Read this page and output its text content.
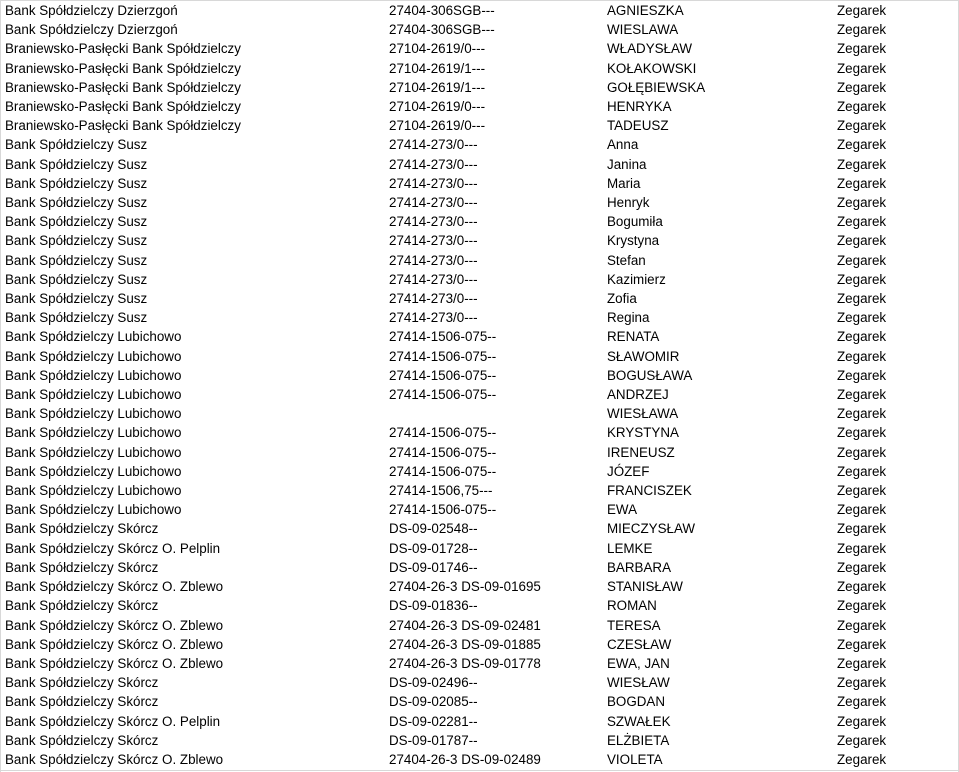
Bank Spółdzielczy Dzierzgoń	27404-306SGB---	AGNIESZKA	Zegarek
Bank Spółdzielczy Dzierzgoń	27404-306SGB---	WIESLAWA	Zegarek
Braniewsko-Pasłęcki Bank Spółdzielczy	27104-2619/0---	WŁADYSŁAW	Zegarek
Braniewsko-Pasłęcki Bank Spółdzielczy	27104-2619/1---	KOŁAKOWSKI	Zegarek
Braniewsko-Pasłęcki Bank Spółdzielczy	27104-2619/1---	GOŁĘBIEWSKA	Zegarek
Braniewsko-Pasłęcki Bank Spółdzielczy	27104-2619/0---	HENRYKA	Zegarek
Braniewsko-Pasłęcki Bank Spółdzielczy	27104-2619/0---	TADEUSZ	Zegarek
Bank Spółdzielczy Susz	27414-273/0---	Anna	Zegarek
Bank Spółdzielczy Susz	27414-273/0---	Janina	Zegarek
Bank Spółdzielczy Susz	27414-273/0---	Maria	Zegarek
Bank Spółdzielczy Susz	27414-273/0---	Henryk	Zegarek
Bank Spółdzielczy Susz	27414-273/0---	Bogumiła	Zegarek
Bank Spółdzielczy Susz	27414-273/0---	Krystyna	Zegarek
Bank Spółdzielczy Susz	27414-273/0---	Stefan	Zegarek
Bank Spółdzielczy Susz	27414-273/0---	Kazimierz	Zegarek
Bank Spółdzielczy Susz	27414-273/0---	Zofia	Zegarek
Bank Spółdzielczy Susz	27414-273/0---	Regina	Zegarek
Bank Spółdzielczy Lubichowo	27414-1506-075--	RENATA	Zegarek
Bank Spółdzielczy Lubichowo	27414-1506-075--	SŁAWOMIR	Zegarek
Bank Spółdzielczy Lubichowo	27414-1506-075--	BOGUSŁAWA	Zegarek
Bank Spółdzielczy Lubichowo	27414-1506-075--	ANDRZEJ	Zegarek
Bank Spółdzielczy Lubichowo		WIESŁAWA	Zegarek
Bank Spółdzielczy Lubichowo	27414-1506-075--	KRYSTYNA	Zegarek
Bank Spółdzielczy Lubichowo	27414-1506-075--	IRENEUSZ	Zegarek
Bank Spółdzielczy Lubichowo	27414-1506-075--	JÓZEF	Zegarek
Bank Spółdzielczy Lubichowo	27414-1506,75---	FRANCISZEK	Zegarek
Bank Spółdzielczy Lubichowo	27414-1506-075--	EWA	Zegarek
Bank Spółdzielczy Skórcz	DS-09-02548--	MIECZYSŁAW	Zegarek
Bank Spółdzielczy Skórcz O. Pelplin	DS-09-01728--	LEMKE	Zegarek
Bank Spółdzielczy Skórcz	DS-09-01746--	BARBARA	Zegarek
Bank Spółdzielczy Skórcz O. Zblewo	27404-26-3 DS-09-01695	STANISŁAW	Zegarek
Bank Spółdzielczy Skórcz	DS-09-01836--	ROMAN	Zegarek
Bank Spółdzielczy Skórcz O. Zblewo	27404-26-3 DS-09-02481	TERESA	Zegarek
Bank Spółdzielczy Skórcz O. Zblewo	27404-26-3 DS-09-01885	CZESŁAW	Zegarek
Bank Spółdzielczy Skórcz O. Zblewo	27404-26-3 DS-09-01778	EWA, JAN	Zegarek
Bank Spółdzielczy Skórcz	DS-09-02496--	WIESŁAW	Zegarek
Bank Spółdzielczy Skórcz	DS-09-02085--	BOGDAN	Zegarek
Bank Spółdzielczy Skórcz O. Pelplin	DS-09-02281--	SZWAŁEK	Zegarek
Bank Spółdzielczy Skórcz	DS-09-01787--	ELŻBIETA	Zegarek
Bank Spółdzielczy Skórcz O. Zblewo	27404-26-3 DS-09-02489	VIOLETA	Zegarek
